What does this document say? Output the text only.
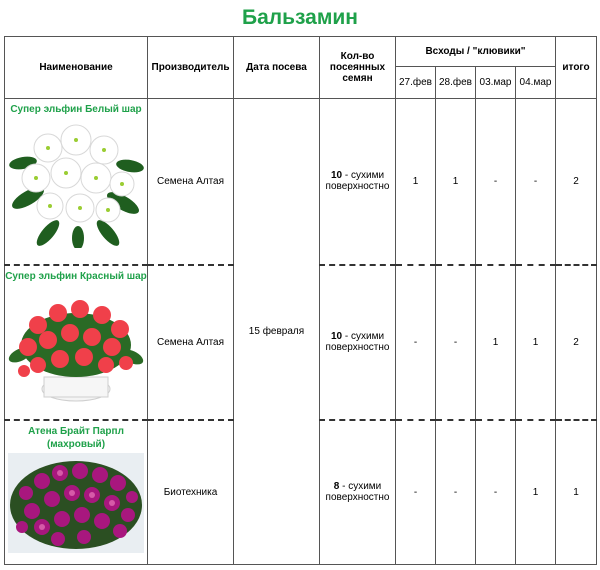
Бальзамин
Наименование	Производитель	Дата посева	Кол-во
посеянных
семян	Всходы / "клювики"				итого
				27.фев	28.фев	03.мар	04.мар	

Супер эльфин Белый шар	Семена Алтая	15 февраля	10 - сухими
поверхностно	1	1	-	-	2

Супер эльфин Красный шар	Семена Алтая		10 - сухими
поверхностно	-	-	1	1	2

Атена Брайт Парпл (махровый)	Биотехника		8 - сухими
поверхностно	-	-	-	1	1
